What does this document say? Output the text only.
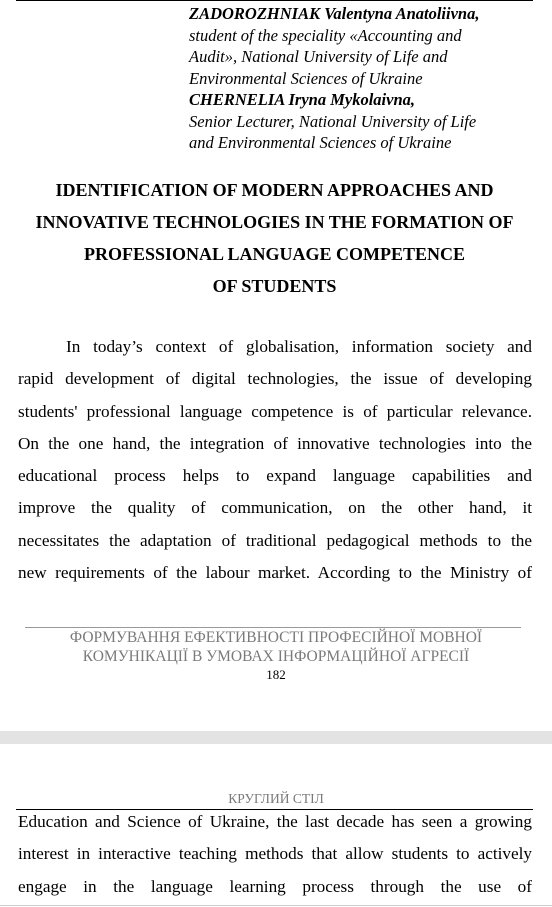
ZADOROZHNIAK Valentyna Anatoliivna,
student of the speciality «Accounting and
Audit», National University of Life and
Environmental Sciences of Ukraine
CHERNELIA Iryna Mykolaivna,
Senior Lecturer, National University of Life
and Environmental Sciences of Ukraine
IDENTIFICATION OF MODERN APPROACHES AND
INNOVATIVE TECHNOLOGIES IN THE FORMATION OF
PROFESSIONAL LANGUAGE COMPETENCE
OF STUDENTS
In today’s context of globalisation, information society and
rapid development of digital technologies, the issue of developing
students' professional language competence is of particular relevance.
On the one hand, the integration of innovative technologies into the
educational process helps to expand language capabilities and
improve the quality of communication, on the other hand, it
necessitates the adaptation of traditional pedagogical methods to the
new requirements of the labour market. According to the Ministry of
ФОРМУВАННЯ ЕФЕКТИВНОСТІ ПРОФЕСІЙНОЇ МОВНОЇ
КОМУНІКАЦІЇ В УМОВАХ ІНФОРМАЦІЙНОЇ АГРЕСІЇ
182
КРУГЛИЙ СТІЛ
Education and Science of Ukraine, the last decade has seen a growing
interest in interactive teaching methods that allow students to actively
engage in the language learning process through the use of
